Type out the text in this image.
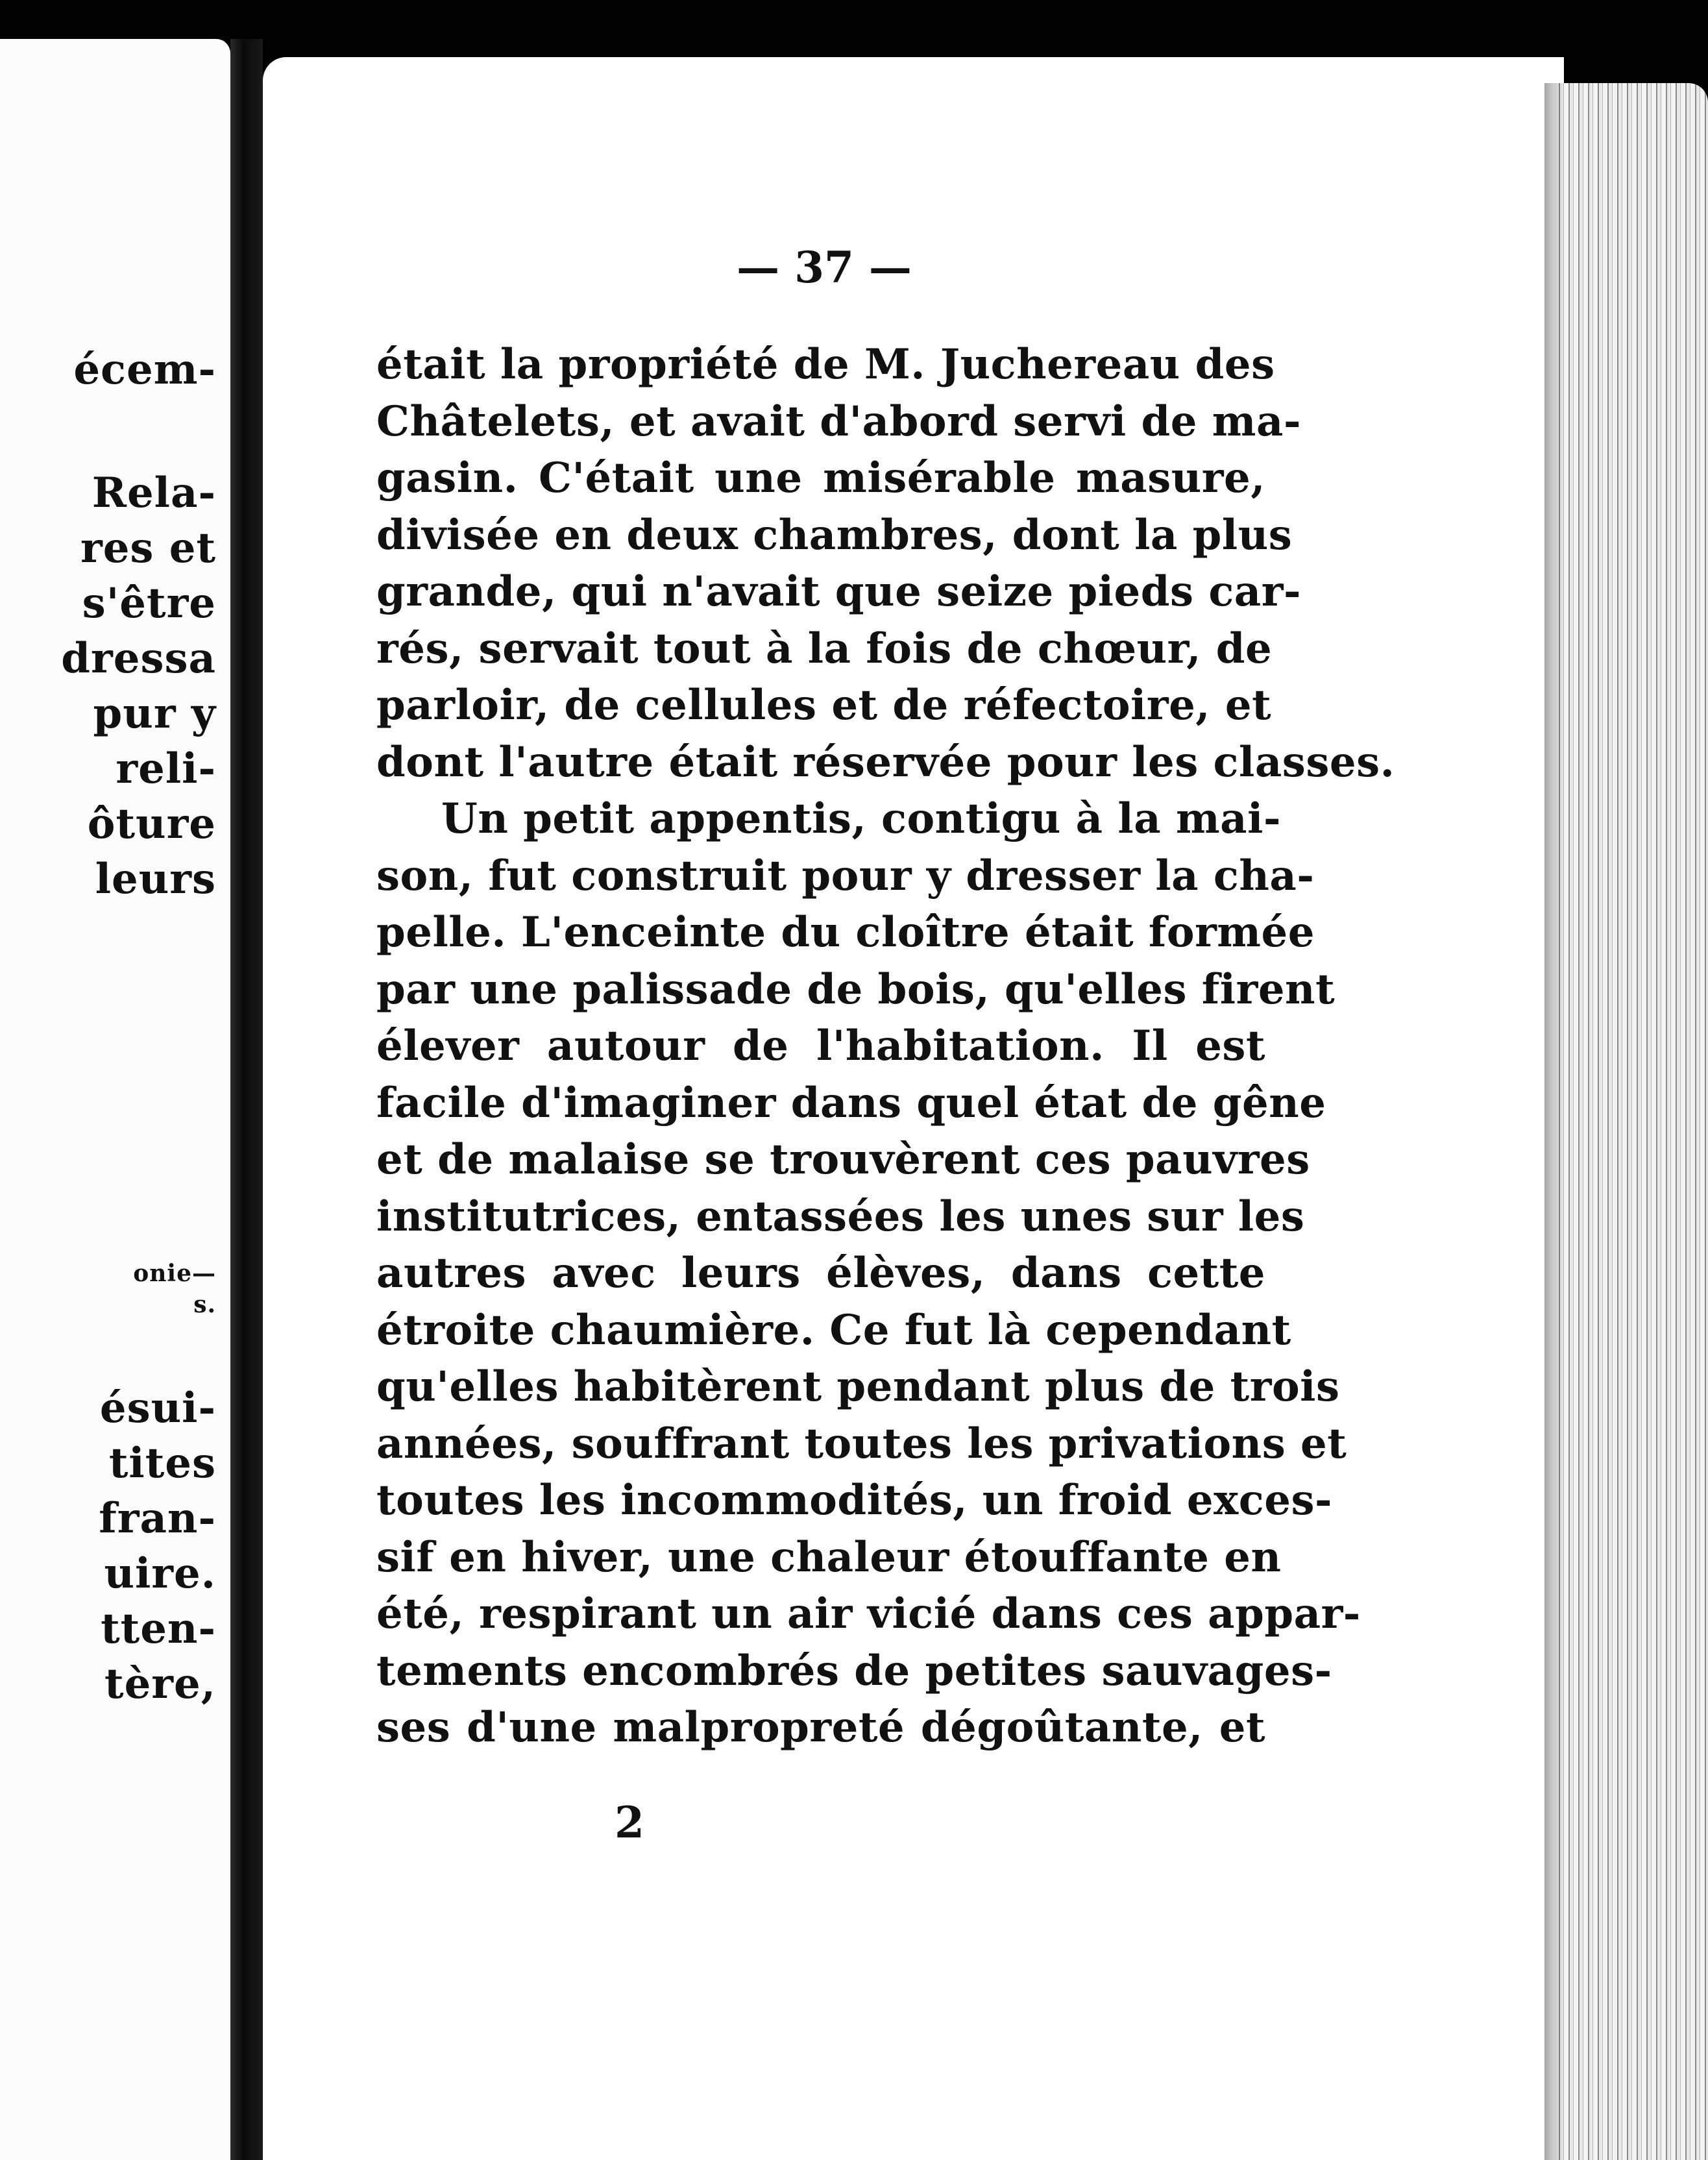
écem-
Rela-
res et
s'être
dressa
pur y
reli-
ôture
leurs
onie—
s.
ésui-
tites
fran-
uire.
tten-
tère,
— 37 —
était la propriété de M. Juchereau des
Châtelets, et avait d'abord servi de ma-
gasin. C'était une misérable masure,
divisée en deux chambres, dont la plus
grande, qui n'avait que seize pieds car-
rés, servait tout à la fois de chœur, de
parloir, de cellules et de réfectoire, et
dont l'autre était réservée pour les classes.
Un petit appentis, contigu à la mai-
son, fut construit pour y dresser la cha-
pelle. L'enceinte du cloître était formée
par une palissade de bois, qu'elles firent
élever autour de l'habitation. Il est
facile d'imaginer dans quel état de gêne
et de malaise se trouvèrent ces pauvres
institutrices, entassées les unes sur les
autres avec leurs élèves, dans cette
étroite chaumière. Ce fut là cependant
qu'elles habitèrent pendant plus de trois
années, souffrant toutes les privations et
toutes les incommodités, un froid exces-
sif en hiver, une chaleur étouffante en
été, respirant un air vicié dans ces appar-
tements encombrés de petites sauvages-
ses d'une malpropreté dégoûtante, et
2
